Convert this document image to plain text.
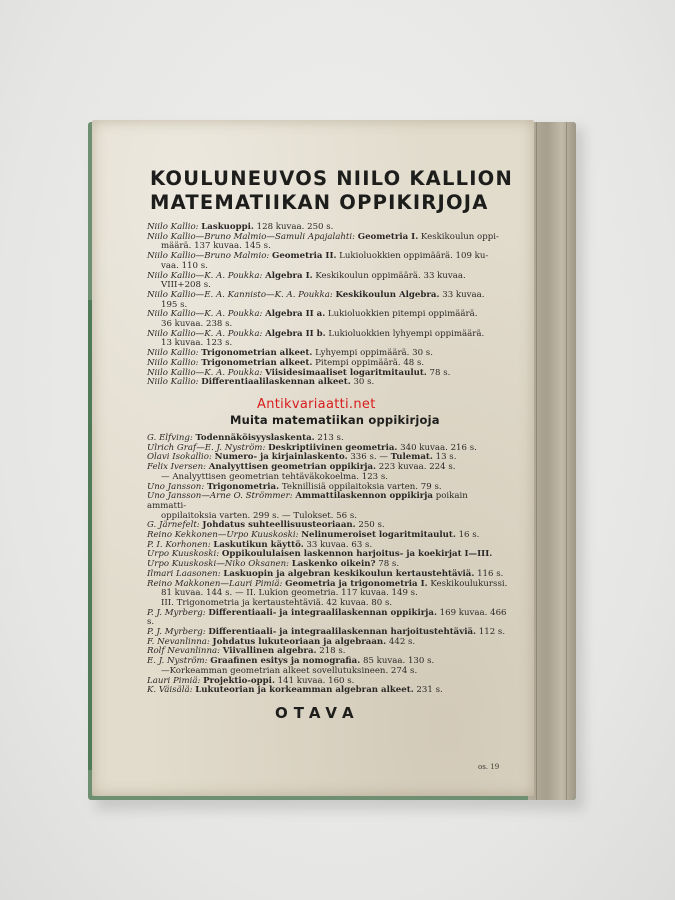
KOULUNEUVOS NIILO KALLION
MATEMATIIKAN OPPIKIRJOJA
Niilo Kallio: Laskuoppi. 128 kuvaa. 250 s.
Niilo Kallio—Bruno Malmio—Samuli Apajalahti: Geometria I. Keskikoulun oppi-
määrä. 137 kuvaa. 145 s.
Niilo Kallio—Bruno Malmio: Geometria II. Lukioluokkien oppimäärä. 109 ku-
vaa. 110 s.
Niilo Kallio—K. A. Poukka: Algebra I. Keskikoulun oppimäärä. 33 kuvaa.
VIII+208 s.
Niilo Kallio—E. A. Kannisto—K. A. Poukka: Keskikoulun Algebra. 33 kuvaa.
195 s.
Niilo Kallio—K. A. Poukka: Algebra II a. Lukioluokkien pitempi oppimäärä.
36 kuvaa. 238 s.
Niilo Kallio—K. A. Poukka: Algebra II b. Lukioluokkien lyhyempi oppimäärä.
13 kuvaa. 123 s.
Niilo Kallio: Trigonometrian alkeet. Lyhyempi oppimäärä. 30 s.
Niilo Kallio: Trigonometrian alkeet. Pitempi oppimäärä. 48 s.
Niilo Kallio—K. A. Poukka: Viisidesimaaliset logaritmitaulut. 78 s.
Niilo Kallio: Differentiaalilaskennan alkeet. 30 s.
Antikvariaatti.net
Muita matematiikan oppikirjoja
G. Elfving: Todennäköisyyslaskenta. 213 s.
Ulrich Graf—E. J. Nyström: Deskriptiivinen geometria. 340 kuvaa. 216 s.
Olavi Isokallio: Numero- ja kirjainlaskento. 336 s. — Tulemat. 13 s.
Felix Iversen: Analyyttisen geometrian oppikirja. 223 kuvaa. 224 s.
— Analyyttisen geometrian tehtäväkokoelma. 123 s.
Uno Jansson: Trigonometria. Teknillisiä oppilaitoksia varten. 79 s.
Uno Jansson—Arne O. Strömmer: Ammattilaskennon oppikirja poikain ammatti-
oppilaitoksia varten. 299 s. — Tulokset. 56 s.
G. Järnefelt: Johdatus suhteellisuusteoriaan. 250 s.
Reino Kekkonen—Urpo Kuuskoski: Nelinumeroiset logaritmitaulut. 16 s.
P. I. Korhonen: Laskutikun käyttö. 33 kuvaa. 63 s.
Urpo Kuuskoski: Oppikoululaisen laskennon harjoitus- ja koekirjat I—III.
Urpo Kuuskoski—Niko Oksanen: Laskenko oikein? 78 s.
Ilmari Laasonen: Laskuopin ja algebran keskikoulun kertaustehtäviä. 116 s.
Reino Makkonen—Lauri Pimiä: Geometria ja trigonometria I. Keskikoulukurssi.
81 kuvaa. 144 s. — II. Lukion geometria. 117 kuvaa. 149 s.
III. Trigonometria ja kertaustehtäviä. 42 kuvaa. 80 s.
P. J. Myrberg: Differentiaali- ja integraalilaskennan oppikirja. 169 kuvaa. 466 s.
P. J. Myrberg: Differentiaali- ja integraalilaskennan harjoitustehtäviä. 112 s.
F. Nevanlinna: Johdatus lukuteoriaan ja algebraan. 442 s.
Rolf Nevanlinna: Viivallinen algebra. 218 s.
E. J. Nyström: Graafinen esitys ja nomografia. 85 kuvaa. 130 s.
—Korkeamman geometrian alkeet sovellutuksineen. 274 s.
Lauri Pimiä: Projektio-oppi. 141 kuvaa. 160 s.
K. Väisälä: Lukuteorian ja korkeamman algebran alkeet. 231 s.
OTAVA
os. 19
